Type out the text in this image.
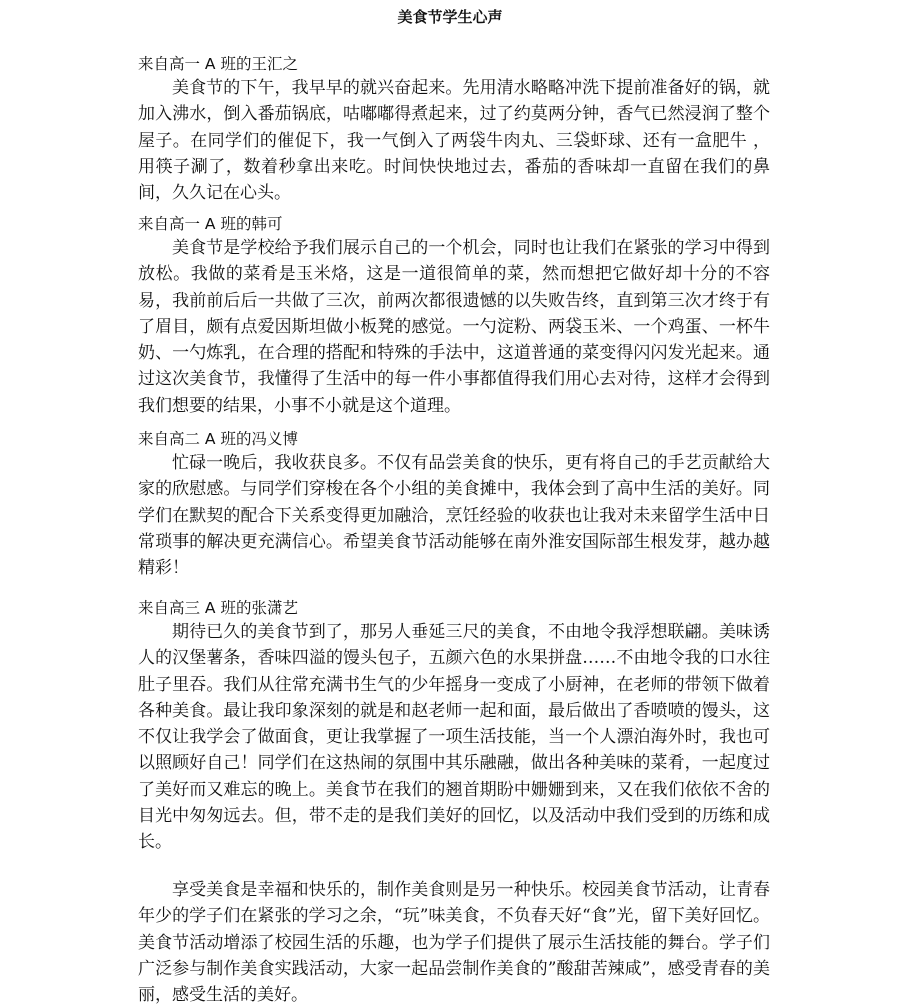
美食节学生心声

来自高一 A 班的王汇之

美食节的下午，我早早的就兴奋起来。先用清水略略冲洗下提前准备好的锅，就加入沸水，倒入番茄锅底，咕嘟嘟得煮起来，过了约莫两分钟，香气已然浸润了整个屋子。在同学们的催促下，我一气倒入了两袋牛肉丸、三袋虾球、还有一盒肥牛 ，用筷子涮了，数着秒拿出来吃。时间快快地过去，番茄的香味却一直留在我们的鼻间，久久记在心头。

来自高一 A 班的韩可

美食节是学校给予我们展示自己的一个机会，同时也让我们在紧张的学习中得到放松。我做的菜肴是玉米烙，这是一道很简单的菜，然而想把它做好却十分的不容易，我前前后后一共做了三次，前两次都很遗憾的以失败告终，直到第三次才终于有了眉目，颇有点爱因斯坦做小板凳的感觉。一勺淀粉、两袋玉米、一个鸡蛋、一杯牛奶、一勺炼乳，在合理的搭配和特殊的手法中，这道普通的菜变得闪闪发光起来。通过这次美食节，我懂得了生活中的每一件小事都值得我们用心去对待，这样才会得到我们想要的结果，小事不小就是这个道理。

来自高二 A 班的冯义博

忙碌一晚后，我收获良多。不仅有品尝美食的快乐，更有将自己的手艺贡献给大家的欣慰感。与同学们穿梭在各个小组的美食摊中，我体会到了高中生活的美好。同学们在默契的配合下关系变得更加融洽，烹饪经验的收获也让我对未来留学生活中日常琐事的解决更充满信心。希望美食节活动能够在南外淮安国际部生根发芽，越办越精彩！

来自高三 A 班的张潇艺

期待已久的美食节到了，那另人垂延三尺的美食，不由地令我浮想联翩。美味诱人的汉堡薯条，香味四溢的馒头包子，五颜六色的水果拼盘……不由地令我的口水往肚子里吞。我们从往常充满书生气的少年摇身一变成了小厨神，在老师的带领下做着各种美食。最让我印象深刻的就是和赵老师一起和面，最后做出了香喷喷的馒头，这不仅让我学会了做面食，更让我掌握了一项生活技能，当一个人漂泊海外时，我也可以照顾好自己！同学们在这热闹的氛围中其乐融融，做出各种美味的菜肴，一起度过了美好而又难忘的晚上。美食节在我们的翘首期盼中姗姗到来，又在我们依依不舍的目光中匆匆远去。但，带不走的是我们美好的回忆，以及活动中我们受到的历练和成长。

享受美食是幸福和快乐的，制作美食则是另一种快乐。校园美食节活动，让青春年少的学子们在紧张的学习之余，“玩”味美食，不负春天好“食”光，留下美好回忆。美食节活动增添了校园生活的乐趣，也为学子们提供了展示生活技能的舞台。学子们广泛参与制作美食实践活动，大家一起品尝制作美食的”酸甜苦辣咸”，感受青春的美丽，感受生活的美好。
